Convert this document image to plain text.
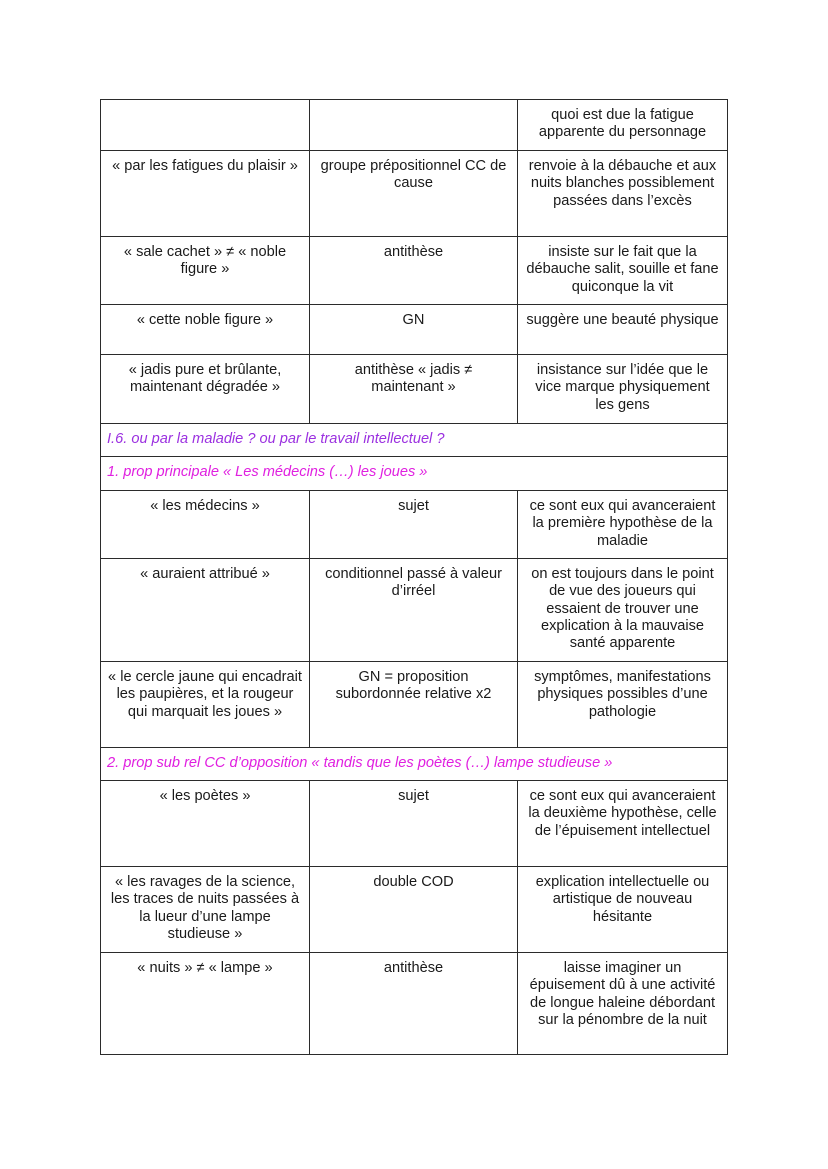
		quoi est due la fatigue apparente du personnage
« par les fatigues du plaisir »	groupe prépositionnel CC de cause	renvoie à la débauche et aux nuits blanches possiblement passées dans l’excès
« sale cachet » ≠ « noble figure »	antithèse	insiste sur le fait que la débauche salit, souille et fane quiconque la vit
« cette noble figure »	GN	suggère une beauté physique
« jadis pure et brûlante, maintenant dégradée »	antithèse « jadis ≠ maintenant »	insistance sur l’idée que le vice marque physiquement les gens
I.6. ou par la maladie ? ou par le travail intellectuel ?		
1. prop principale « Les médecins (…) les joues »		
« les médecins »	sujet	ce sont eux qui avanceraient la première hypothèse de la maladie
« auraient attribué »	conditionnel passé à valeur d’irréel	on est toujours dans le point de vue des joueurs qui essaient de trouver une explication à la mauvaise santé apparente
« le cercle jaune qui encadrait les paupières, et la rougeur qui marquait les joues »	GN = proposition subordonnée relative x2	symptômes, manifestations physiques possibles d’une pathologie
2. prop sub rel CC d’opposition « tandis que les poètes (…) lampe studieuse »		
« les poètes »	sujet	ce sont eux qui avanceraient la deuxième hypothèse, celle de l’épuisement intellectuel
« les ravages de la science, les traces de nuits passées à la lueur d’une lampe studieuse »	double COD	explication intellectuelle ou artistique de nouveau hésitante
« nuits » ≠ « lampe »	antithèse	laisse imaginer un épuisement dû à une activité de longue haleine débordant sur la pénombre de la nuit
